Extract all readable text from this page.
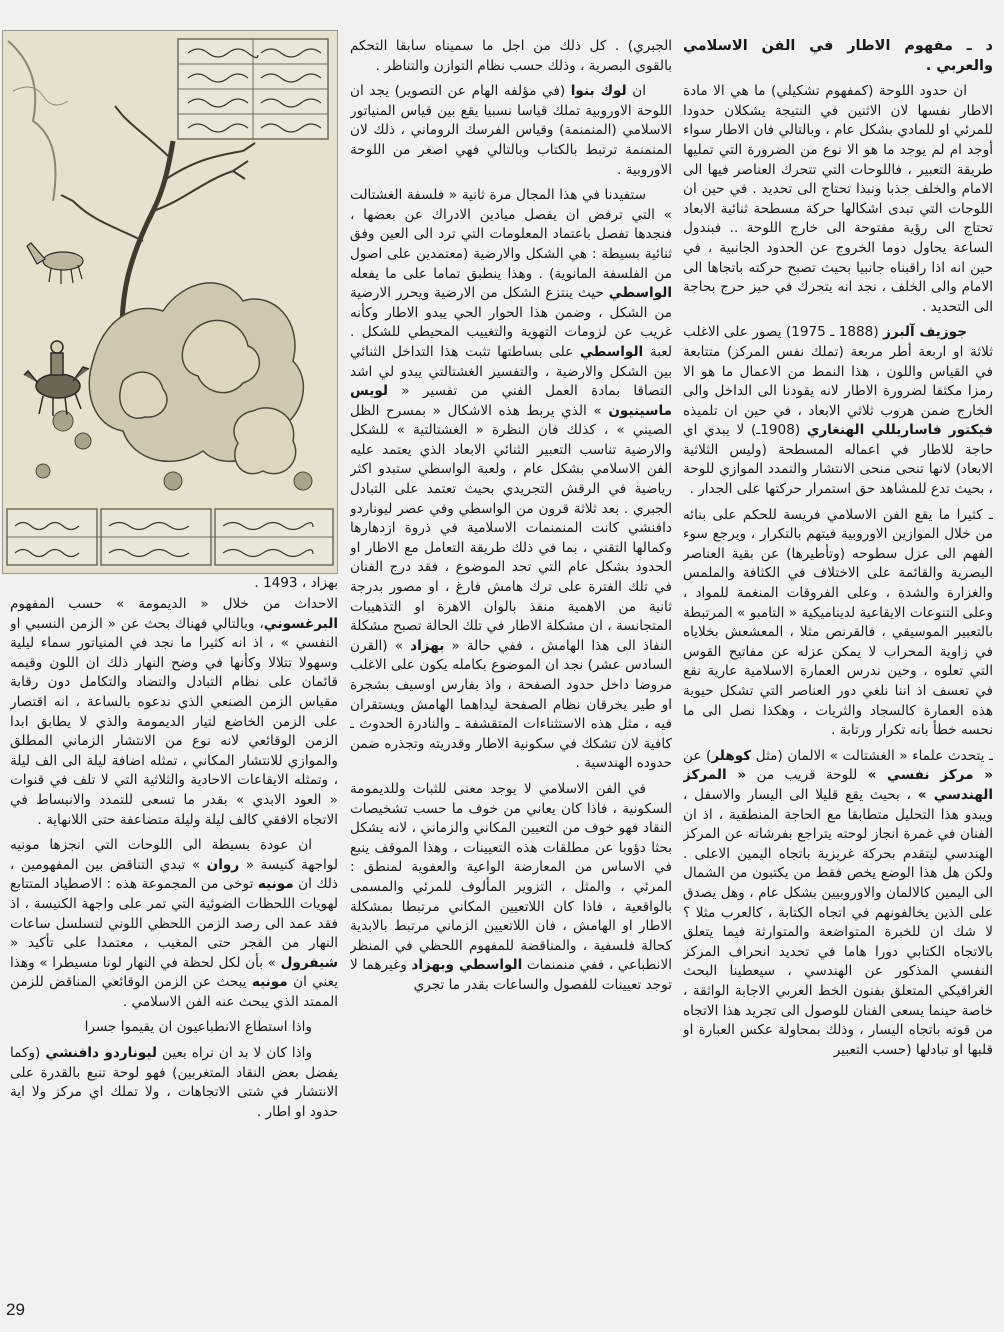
د ـ مفهوم الاطار في الفن الاسلامي والعربي .

ان حدود اللوحة (كمفهوم تشكيلي) ما هي الا مادة الاطار نفسها لان الاثنين في النتيجة يشكلان حدودا للمرئي او للمادي بشكل عام ، وبالتالي فان الاطار سواء أوجد ام لم يوجد ما هو الا نوع من الضرورة التي تمليها طريقة التعبير ، فاللوحات التي تتحرك العناصر فيها الى الامام والخلف جذبا ونبذا تحتاج الى تحديد . في حين ان اللوحات التي تبدى اشكالها حركة مسطحة ثنائية الابعاد تحتاج الى رؤية مفتوحة الى خارج اللوحة .. فبندول الساعة يحاول دوما الخروج عن الحدود الجانبية ، في حين انه اذا راقبناه جانبيا بحيث تصبح حركته باتجاها الى الامام والى الخلف ، نجد انه يتحرك في حيز حرج بحاجة الى التحديد .

جوزيف آلبرز (1888 ـ 1975) يصور على الاغلب ثلاثة او اربعة أطر مربعة (تملك نفس المركز) متتابعة في القياس واللون ، هذا النمط من الاعمال ما هو الا رمزا مكثفا لضرورة الاطار لانه يقودنا الى الداخل والى الخارج ضمن هروب ثلاثي الابعاد ، في حين ان تلميذه فيكتور فاساريللي الهنغاري (1908ـ) لا يبدي اي حاجة للاطار في اعماله المسطحة (وليس الثلاثية الابعاد) لانها تنحى منحى الانتشار والتمدد الموازي للوحة ، بحيث تدع للمشاهد حق استمرار حركتها على الجدار .

ـ كثيرا ما يقع الفن الاسلامي فريسة للحكم على بنائه من خلال الموازين الاوروبية فيتهم بالتكرار ، ويرجع سوء الفهم الى عزل سطوحه (وتأطيرها) عن بقية العناصر البصرية والقائمة على الاختلاف في الكثافة والملمس والغزارة والشدة ، وعلى الفروقات المنغمة للمواد ، وعلى التنوعات الايقاعية لديناميكية « التامبو » المرتبطة بالتعبير الموسيقي ، فالقرنص مثلا ، المعشعش بخلاياه في زاوية المحراب لا يمكن عزله عن مفاتيح القوس التي تعلوه ، وحين ندرس العمارة الاسلامية عارية نقع في تعسف اذ اننا نلغي دور العناصر التي تشكل حيوية هذه العمارة كالسجاد والثريات ، وهكذا نصل الى ما نحسه خطأ بانه تكرار ورتابة .

ـ يتحدث علماء « الغشتالت » الالمان (مثل كوهلر) عن « مركز نفسي » للوحة قريب من « المركز الهندسي » ، بحيث يقع قليلا الى اليسار والاسفل ، ويبدو هذا التحليل متطابقا مع الحاجة المنطقية ، اذ ان الفنان في غمرة انجاز لوحته يتراجع بفرشاته عن المركز الهندسي ليتقدم بحركة غريزية باتجاه اليمين الاعلى . ولكن هل هذا الوضع يخص فقط من يكتبون من الشمال الى اليمين كالالمان والاوروبيين بشكل عام ، وهل يصدق على الذين يخالفونهم في اتجاه الكتابة ، كالعرب مثلا ؟ لا شك ان للخبرة المتواضعة والمتوارثة فيما يتعلق بالاتجاه الكتابي دورا هاما في تحديد انحراف المركز النفسي المذكور عن الهندسي ، سيعطينا البحث الغرافيكي المتعلق بفنون الخط العربي الاجابة الواثقة ، خاصة حينما يسعى الفنان للوصول الى تجريد هذا الاتجاه من قوته باتجاه اليسار ، وذلك بمحاولة عكس العبارة او قلبها او تبادلها (حسب التعبير

الجبري) . كل ذلك من اجل ما سميناه سابقا التحكم بالقوى البصرية ، وذلك حسب نظام التوازن والتناظر .

ان لوك بنوا (في مؤلفه الهام عن التصوير) يجد ان اللوحة الاوروبية تملك قياسا نسبيا يقع بين قياس المنياتور الاسلامي (المنمنمة) وقياس الفرسك الروماني ، ذلك لان المنمنمة ترتبط بالكتاب وبالتالي فهي اصغر من اللوحة الاوروبية .

ستفيدنا في هذا المجال مرة ثانية « فلسفة الغشتالت » التي ترفض ان يفصل ميادين الادراك عن بعضها ، فنجدها تفصل باعتماد المعلومات التي ترد الى العين وفق ثنائية بسيطة : هي الشكل والارضية (معتمدين على اصول من الفلسفة المانوية) . وهذا ينطبق تماما على ما يفعله الواسطي حيث ينتزع الشكل من الارضية ويحرر الارضية من الشكل ، وضمن هذا الحوار الحي يبدو الاطار وكأنه غريب عن لزومات التهوية والتغييب المحيطي للشكل . لعبة الواسطي على بساطتها تثبت هذا التداخل الثنائي بين الشكل والارضية ، والتفسير الغشتالتي يبدو لي اشد التصاقا بمادة العمل الفني من تفسير « لويس ماسينيون » الذي يربط هذه الاشكال « بمسرح الظل الصيني » ، كذلك فان النظرة « الغشتالتية » للشكل والارضية تناسب التعبير الثنائي الابعاد الذي يعتمد عليه الفن الاسلامي بشكل عام ، ولعبة الواسطي ستبدو اكثر رياضية في الرقش التجريدي بحيث تعتمد على التبادل الجبري . بعد ثلاثة قرون من الواسطي وفي عصر ليوناردو دافنشي كانت المنمنمات الاسلامية في ذروة ازدهارها وكمالها التقني ، بما في ذلك طريقة التعامل مع الاطار او الحدود بشكل عام التي تحد الموضوع ، فقد درج الفنان في تلك الفترة على ترك هامش فارغ ، او مصور بدرجة ثانية من الاهمية منفذ بالوان الاهرة او التذهيبات المتجانسة ، ان مشكلة الاطار في تلك الحالة تصبح مشكلة النفاذ الى هذا الهامش ، ففي حالة « بهزاد » (القرن السادس عشر) نجد ان الموضوع بكامله يكون على الاغلب مروضا داخل حدود الصفحة ، واذ بفارس اوسيف بشجرة او طير يخرقان نظام الصفحة ليداهما الهامش ويستقران فيه ، مثل هذه الاستثناءات المتقشفة ـ والنادرة الحدوث ـ كافية لان تشكك في سكونية الاطار وقدريته وتجذره ضمن حدوده الهندسية .

في الفن الاسلامي لا يوجد معنى للثبات وللديمومة السكونية ، فاذا كان يعاني من خوف ما حسب تشخيصات النقاد فهو خوف من التعيين المكاني والزماني ، لانه يشكل بحثا دؤوبا عن مطلقات هذه التعيينات ، وهذا الموقف ينبع في الاساس من المعارضة الواعية والعفوية لمنطق : المرئي ، والمثل ، التزوير المألوف للمرئي والمسمى بالواقعية ، فاذا كان اللاتعيين المكاني مرتبطا بمشكلة الاطار او الهامش ، فان اللاتعيين الزماني مرتبط بالابدية كحالة فلسفية ، والمناقضة للمفهوم اللحظي في المنظر الانطباعي ، ففي منمنمات الواسطي وبهزاد وغيرهما لا توجد تعيينات للفصول والساعات بقدر ما تجري

بهزاد ، 1493 .

الاحداث من خلال « الديمومة » حسب المفهوم البرغسوني، وبالتالي فهناك بحث عن « الزمن النسبي او النفسي » ، اذ انه كثيرا ما نجد في المنياتور سماء ليلية وسهولا تتلالا وكأنها في وضح النهار ذلك ان اللون وقيمه قائمان على نظام التبادل والتضاد والتكامل دون رقابة مقياس الزمن الصنعي الذي ندعوه بالساعة ، انه اقتصار على الزمن الخاضع لتيار الديمومة والذي لا يطابق ابدا الزمن الوقائعي لانه نوع من الانتشار الزماني المطلق والموازي للانتشار المكاني ، تمثله اضافة ليلة الى الف ليلة ، وتمثله الايقاعات الاحادية والثلاثية التي لا تلف في قنوات « العود الابدي » بقدر ما تسعى للتمدد والانبساط في الاتجاه الافقي كالف ليلة وليلة متضاعفة حتى اللانهاية .

ان عودة بسيطة الى اللوحات التي انجزها مونيه لواجهة كنيسة « روان » تبدي التناقض بين المفهومين ، ذلك ان مونيه توخى من المجموعة هذه : الاصطياد المتتابع لهويات اللحظات الضوئية التي تمر على واجهة الكنيسة ، اذ فقد عمد الى رصد الزمن اللحظي اللوني لتسلسل ساعات النهار من الفجر حتى المغيب ، معتمدا على تأكيد « شيفرول » بأن لكل لحظة في النهار لونا مسيطرا » وهذا يعني ان مونيه يبحث عن الزمن الوقائعي المناقض للزمن الممتد الذي يبحث عنه الفن الاسلامي .

واذا استطاع الانطباعيون ان يقيموا جسرا

واذا كان لا بد ان نراه بعين ليوناردو دافنشي (وكما يفضل بعض النقاد المتغربين) فهو لوحة تنبع بالقدرة على الانتشار في شتى الاتجاهات ، ولا تملك اي مركز ولا اية حدود او اطار .

29
